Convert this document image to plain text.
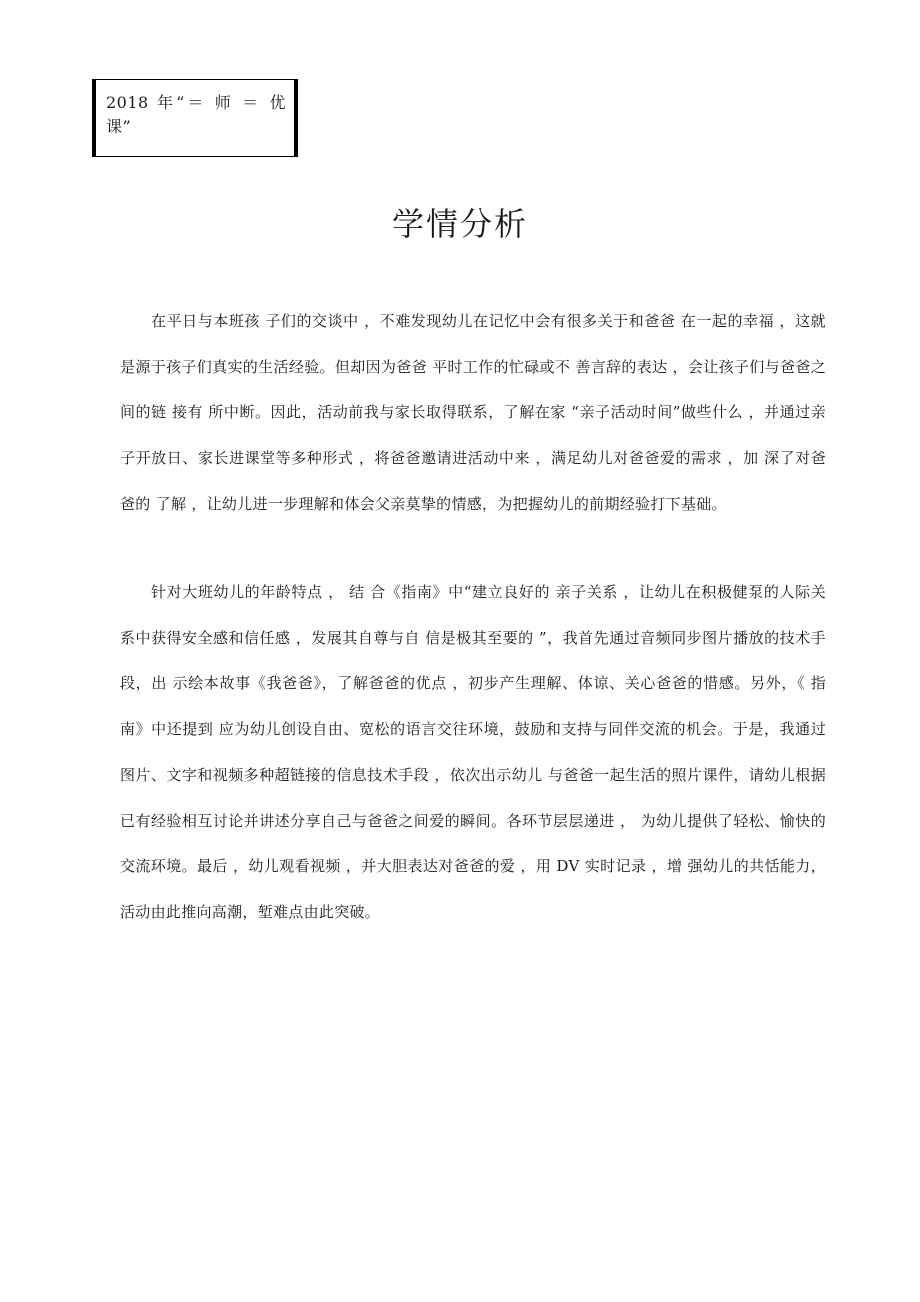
2018 年“＝ 师 ＝ 优课”
学情分析

在平日与本班孩 子们的交谈中 ，不难发现幼儿在记忆中会有很多关于和爸爸 在一起的幸福 ，这就是源于孩子们真实的生活经验。但却因为爸爸 平时工作的忙碌或不 善言辞的表达 ，会让孩子们与爸爸之间的链 接有 所中断。因此，活动前我与家长取得联系，了解在家 “亲子活动时间”做些什么 ，并通过亲子开放日、家长进课堂等多种形式 ，将爸爸邀请进活动中来 ，满足幼儿对爸爸爱的需求 ，加 深了对爸爸的 了解 ，让幼儿进一步理解和体会父亲莫挚的情感，为把握幼儿的前期经验打下基础。

针对大班幼儿的年龄特点 ， 结 合《指南》中“建立良好的 亲子关系 ，让幼儿在积极健泵的人际关系中获得安全感和信任感 ，发展其自尊与自 信是极其至要的 ”，我首先通过音频同步图片播放的技术手段，出 示绘本故事《我爸爸》，了解爸爸的优点 ，初步产生理解、体谅、关心爸爸的惜感。另外，《 指 南》中还提到 应为幼儿创设自由、宽松的语言交往环境，鼓励和支持与同伴交流的机会。于是，我通过图片、文字和视频多种超链接的信息技术手段 ，依次出示幼儿 与爸爸一起生活的照片课件，请幼儿根据已有经验相互讨论并讲述分享自己与爸爸之间爱的瞬间。各环节层层递进 ， 为幼儿提供了轻松、愉快的交流环境。最后 ，幼儿观看视频 ，并大胆表达对爸爸的爱 ，用 DV 实时记录 ，增 强幼儿的共恬能力，活动由此推向高潮，堑难点由此突破。
